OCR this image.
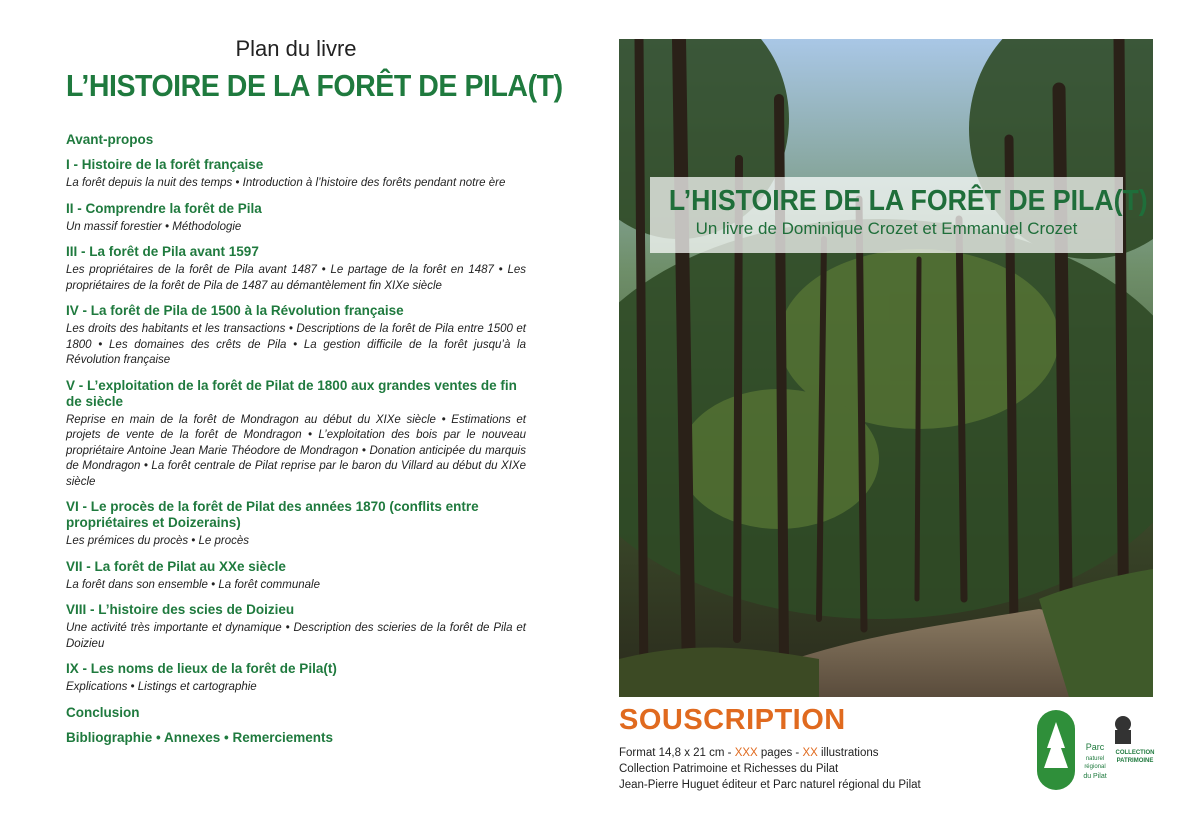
Plan du livre
L’HISTOIRE DE LA FORÊT DE PILA(T)
Avant-propos
I - Histoire de la forêt française
La forêt depuis la nuit des temps • Introduction à l’histoire des forêts pendant notre ère
II - Comprendre la forêt de Pila
Un massif forestier • Méthodologie
III - La forêt de Pila avant 1597
Les propriétaires de la forêt de Pila avant 1487 • Le partage de la forêt en 1487 • Les propriétaires de la forêt de Pila de 1487 au démantèlement fin XIXe siècle
IV - La forêt de Pila de 1500 à la Révolution française
Les droits des habitants et les transactions • Descriptions de la forêt de Pila entre 1500 et 1800 • Les domaines des crêts de Pila • La gestion difficile de la forêt jusqu’à la Révolution française
V - L’exploitation de la forêt de Pilat de 1800 aux grandes ventes de fin de siècle
Reprise en main de la forêt de Mondragon au début du XIXe siècle • Estimations et projets de vente de la forêt de Mondragon • L’exploitation des bois par le nouveau propriétaire Antoine Jean Marie Théodore de Mondragon • Donation anticipée du marquis de Mondragon • La forêt centrale de Pilat reprise par le baron du Villard au début du XIXe siècle
VI - Le procès de la forêt de Pilat des années 1870 (conflits entre propriétaires et Doizerains)
Les prémices du procès • Le procès
VII - La forêt de Pilat au XXe siècle
La forêt dans son ensemble • La forêt communale
VIII - L’histoire des scies de Doizieu
Une activité très importante et dynamique • Description des scieries de la forêt de Pila et Doizieu
IX - Les noms de lieux de la forêt de Pila(t)
Explications • Listings et cartographie
Conclusion
Bibliographie • Annexes • Remerciements
L’HISTOIRE DE LA FORÊT DE PILA(T)
Un livre de Dominique Crozet et Emmanuel Crozet
SOUSCRIPTION
Format 14,8 x 21 cm - XXX pages - XX illustrations
Collection Patrimoine et Richesses du Pilat
Jean-Pierre Huguet éditeur et Parc naturel régional du Pilat
Parc
naturel
régional
du Pilat
COLLECTION
PATRIMOINE
